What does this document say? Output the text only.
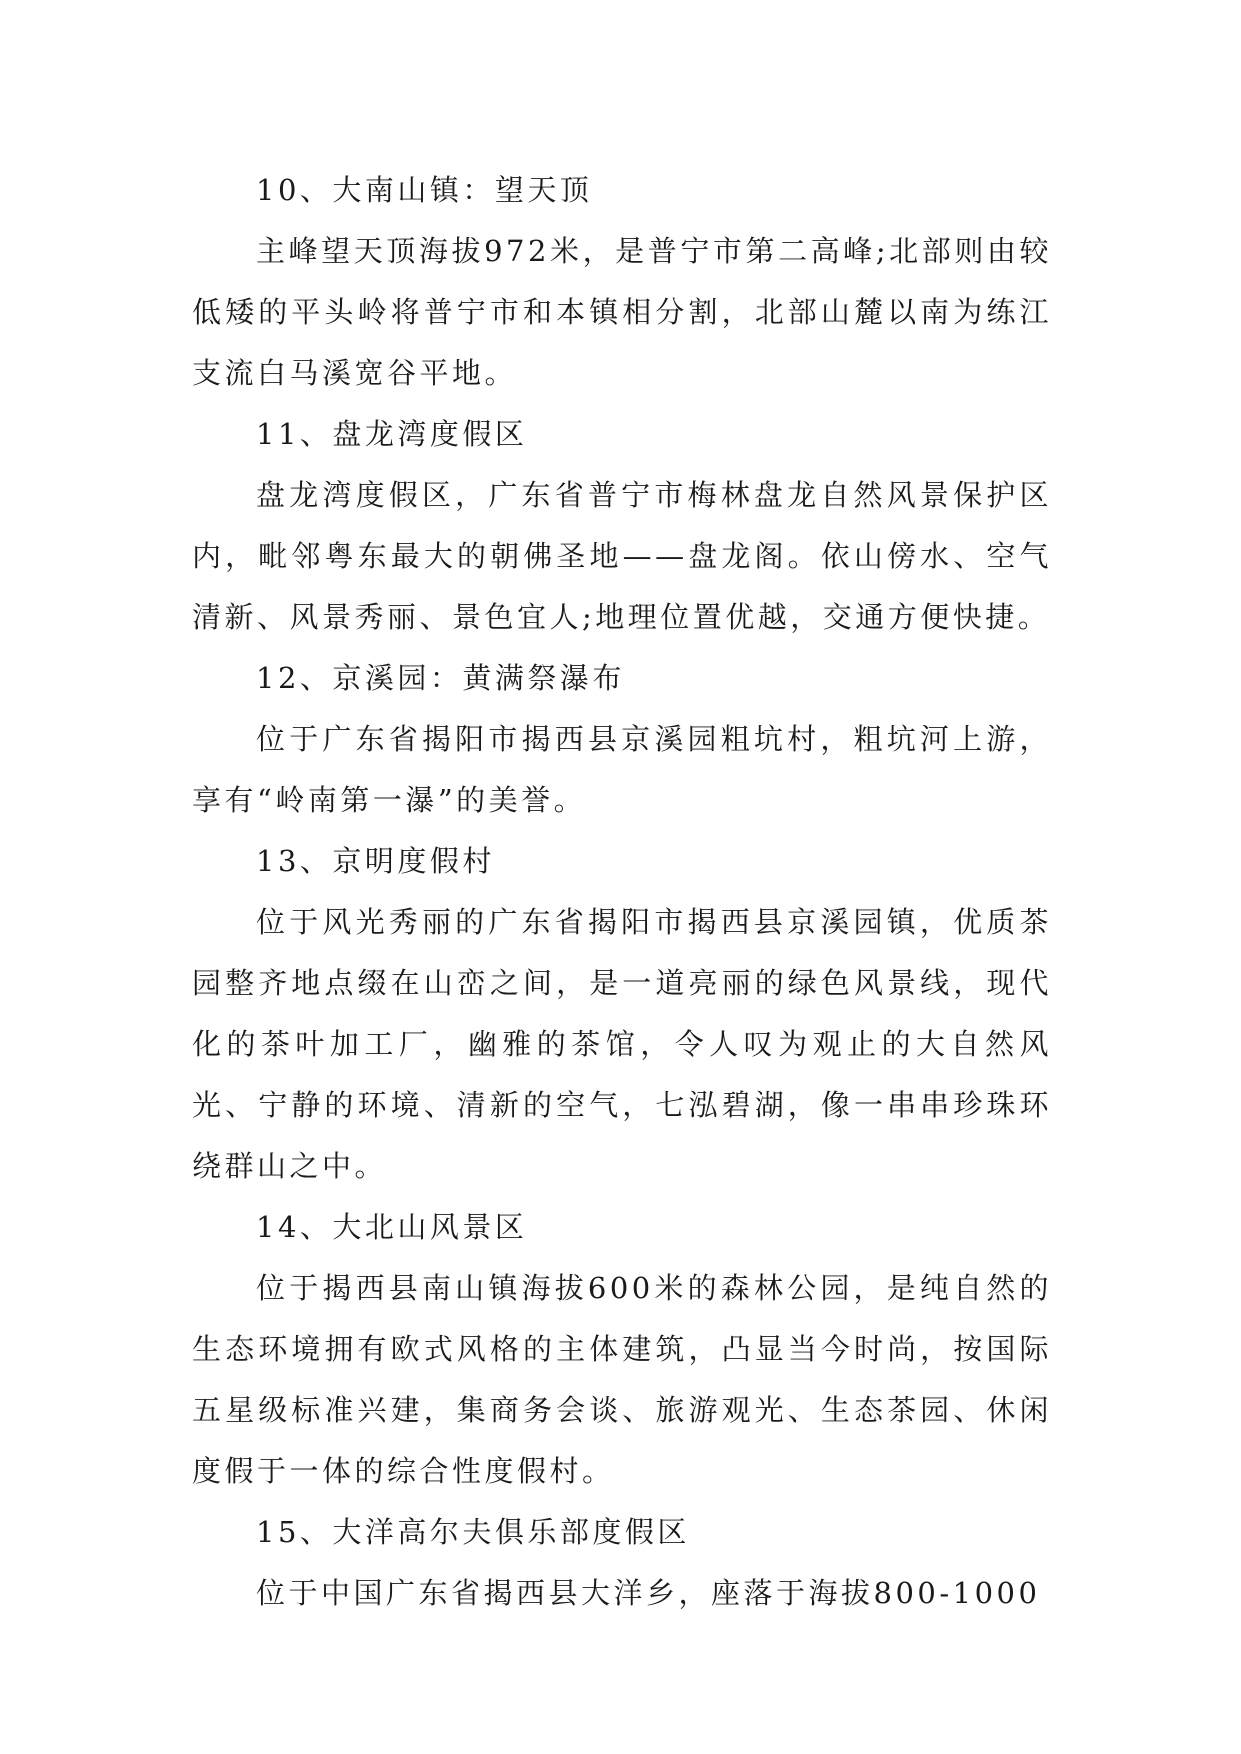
10、大南山镇：望天顶

主峰望天顶海拔972米，是普宁市第二高峰;北部则由较低矮的平头岭将普宁市和本镇相分割，北部山麓以南为练江支流白马溪宽谷平地。

11、盘龙湾度假区

盘龙湾度假区，广东省普宁市梅林盘龙自然风景保护区内，毗邻粤东最大的朝佛圣地——盘龙阁。依山傍水、空气清新、风景秀丽、景色宜人;地理位置优越，交通方便快捷。

12、京溪园：黄满祭瀑布

位于广东省揭阳市揭西县京溪园粗坑村，粗坑河上游，享有“岭南第一瀑”的美誉。

13、京明度假村

位于风光秀丽的广东省揭阳市揭西县京溪园镇，优质茶园整齐地点缀在山峦之间，是一道亮丽的绿色风景线，现代化的茶叶加工厂，幽雅的茶馆，令人叹为观止的大自然风光、宁静的环境、清新的空气，七泓碧湖，像一串串珍珠环绕群山之中。

14、大北山风景区

位于揭西县南山镇海拔600米的森林公园，是纯自然的生态环境拥有欧式风格的主体建筑，凸显当今时尚，按国际五星级标准兴建，集商务会谈、旅游观光、生态茶园、休闲度假于一体的综合性度假村。

15、大洋高尔夫俱乐部度假区

位于中国广东省揭西县大洋乡，座落于海拔800-1000
